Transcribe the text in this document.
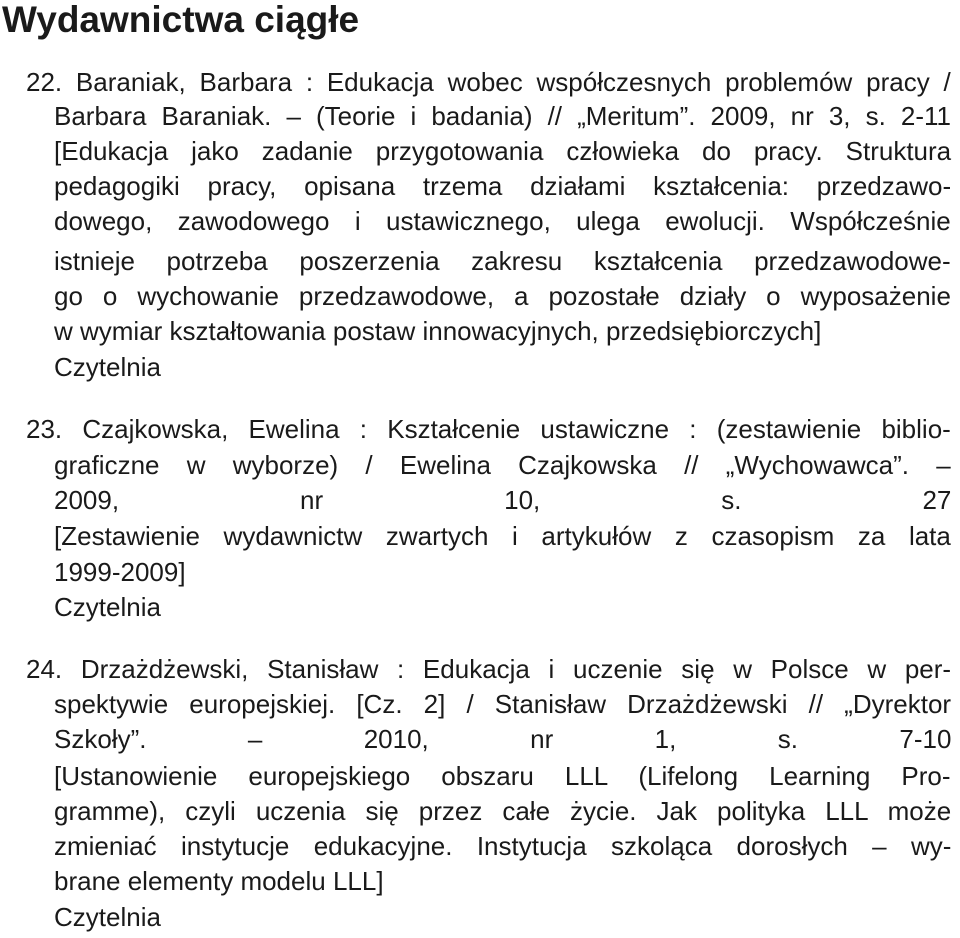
Wydawnictwa ciągłe
22. Baraniak, Barbara : Edukacja wobec współczesnych problemów pracy /
Barbara Baraniak. – (Teorie i badania) // „Meritum”. 2009, nr 3, s. 2-11
[Edukacja jako zadanie przygotowania człowieka do pracy. Struktura
pedagogiki pracy, opisana trzema działami kształcenia: przedzawo-
dowego, zawodowego i ustawicznego, ulega ewolucji. Współcześnie
istnieje potrzeba poszerzenia zakresu kształcenia przedzawodowe-
go o wychowanie przedzawodowe, a pozostałe działy o wyposażenie
w wymiar kształtowania postaw innowacyjnych, przedsiębiorczych]
Czytelnia
23. Czajkowska, Ewelina : Kształcenie ustawiczne : (zestawienie biblio-
graficzne w wyborze) / Ewelina Czajkowska // „Wychowawca”. –
2009, nr 10, s. 27
[Zestawienie wydawnictw zwartych i artykułów z czasopism za lata
1999-2009]
Czytelnia
24. Drzażdżewski, Stanisław : Edukacja i uczenie się w Polsce w per-
spektywie europejskiej. [Cz. 2] / Stanisław Drzażdżewski // „Dyrektor
Szkoły”. – 2010, nr 1, s. 7-10
[Ustanowienie europejskiego obszaru LLL (Lifelong Learning Pro-
gramme), czyli uczenia się przez całe życie. Jak polityka LLL może
zmieniać instytucje edukacyjne. Instytucja szkoląca dorosłych – wy-
brane elementy modelu LLL]
Czytelnia
